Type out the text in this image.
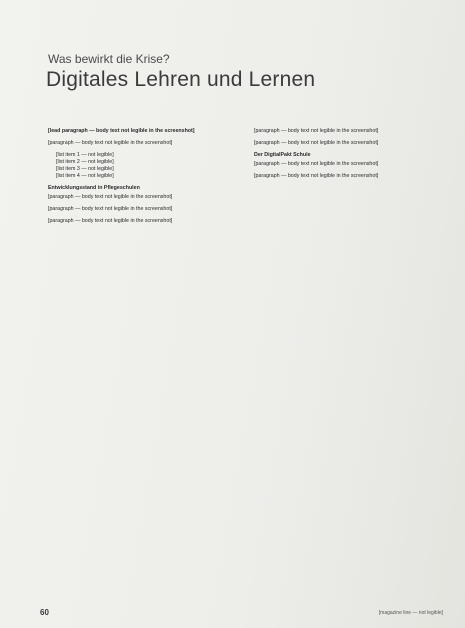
Was bewirkt die Krise?
Digitales Lehren und Lernen

[lead paragraph — body text not legible in the screenshot]

[paragraph — body text not legible in the screenshot]

• [list item 1 — not legible]
• [list item 2 — not legible]
• [list item 3 — not legible]
• [list item 4 — not legible]
Entwicklungsstand in Pflegeschulen

[paragraph — body text not legible in the screenshot]

[paragraph — body text not legible in the screenshot]

[paragraph — body text not legible in the screenshot]

[paragraph — body text not legible in the screenshot]

[paragraph — body text not legible in the screenshot]

Der DigitalPakt Schule

[paragraph — body text not legible in the screenshot]

[paragraph — body text not legible in the screenshot]

60	[magazine line — not legible]
